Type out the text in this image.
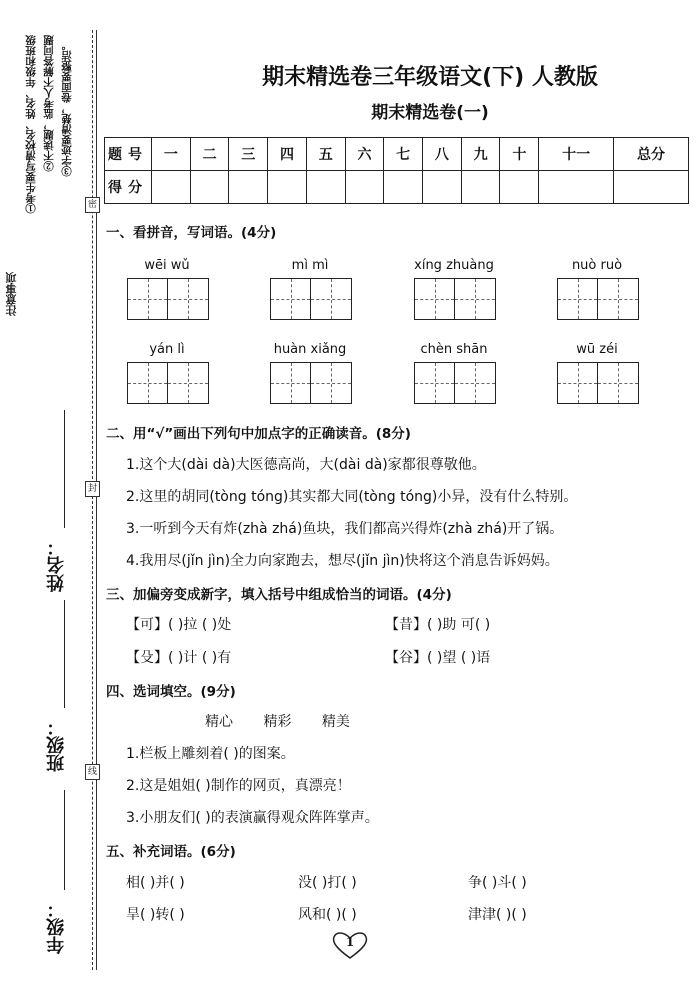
注意事项
①考生要写清校名、姓名、年级和班级 ②不读题，监考人不解答问题 ③字迹要清楚，卷面要整洁。
年级：
班级：
姓名：
密
封
线
期末精选卷三年级语文(下) 人教版
期末精选卷(一)
题号	一	二	三	四	五	六	七	八	九	十	十一	总分
得分												
一、看拼音，写词语。(4分)
wēi wǔ	mì mì	xíng zhuàng	nuò ruò
yán lì	huàn xiǎng	chèn shān	wū zéi
二、用“√”画出下列句中加点字的正确读音。(8分)
1.这个大(dài dà)大医德高尚，大(dài dà)家都很尊敬他。
2.这里的胡同(tòng tóng)其实都大同(tòng tóng)小异，没有什么特别。
3.一听到今天有炸(zhà zhá)鱼块，我们都高兴得炸(zhà zhá)开了锅。
4.我用尽(jǐn jìn)全力向家跑去，想尽(jǐn jìn)快将这个消息告诉妈妈。
三、加偏旁变成新字，填入括号中组成恰当的词语。(4分)
【可】( )拉 ( )处	【昔】( )助 可( )
【殳】( )计 ( )有	【谷】( )望 ( )语
四、选词填空。(9分)
精心 精彩 精美
1.栏板上雕刻着( )的图案。
2.这是姐姐( )制作的网页，真漂亮！
3.小朋友们( )的表演赢得观众阵阵掌声。
五、补充词语。(6分)
相( )并( )	没( )打( )	争( )斗( )
旱( )转( )	风和( )( )	津津( )( )
1
